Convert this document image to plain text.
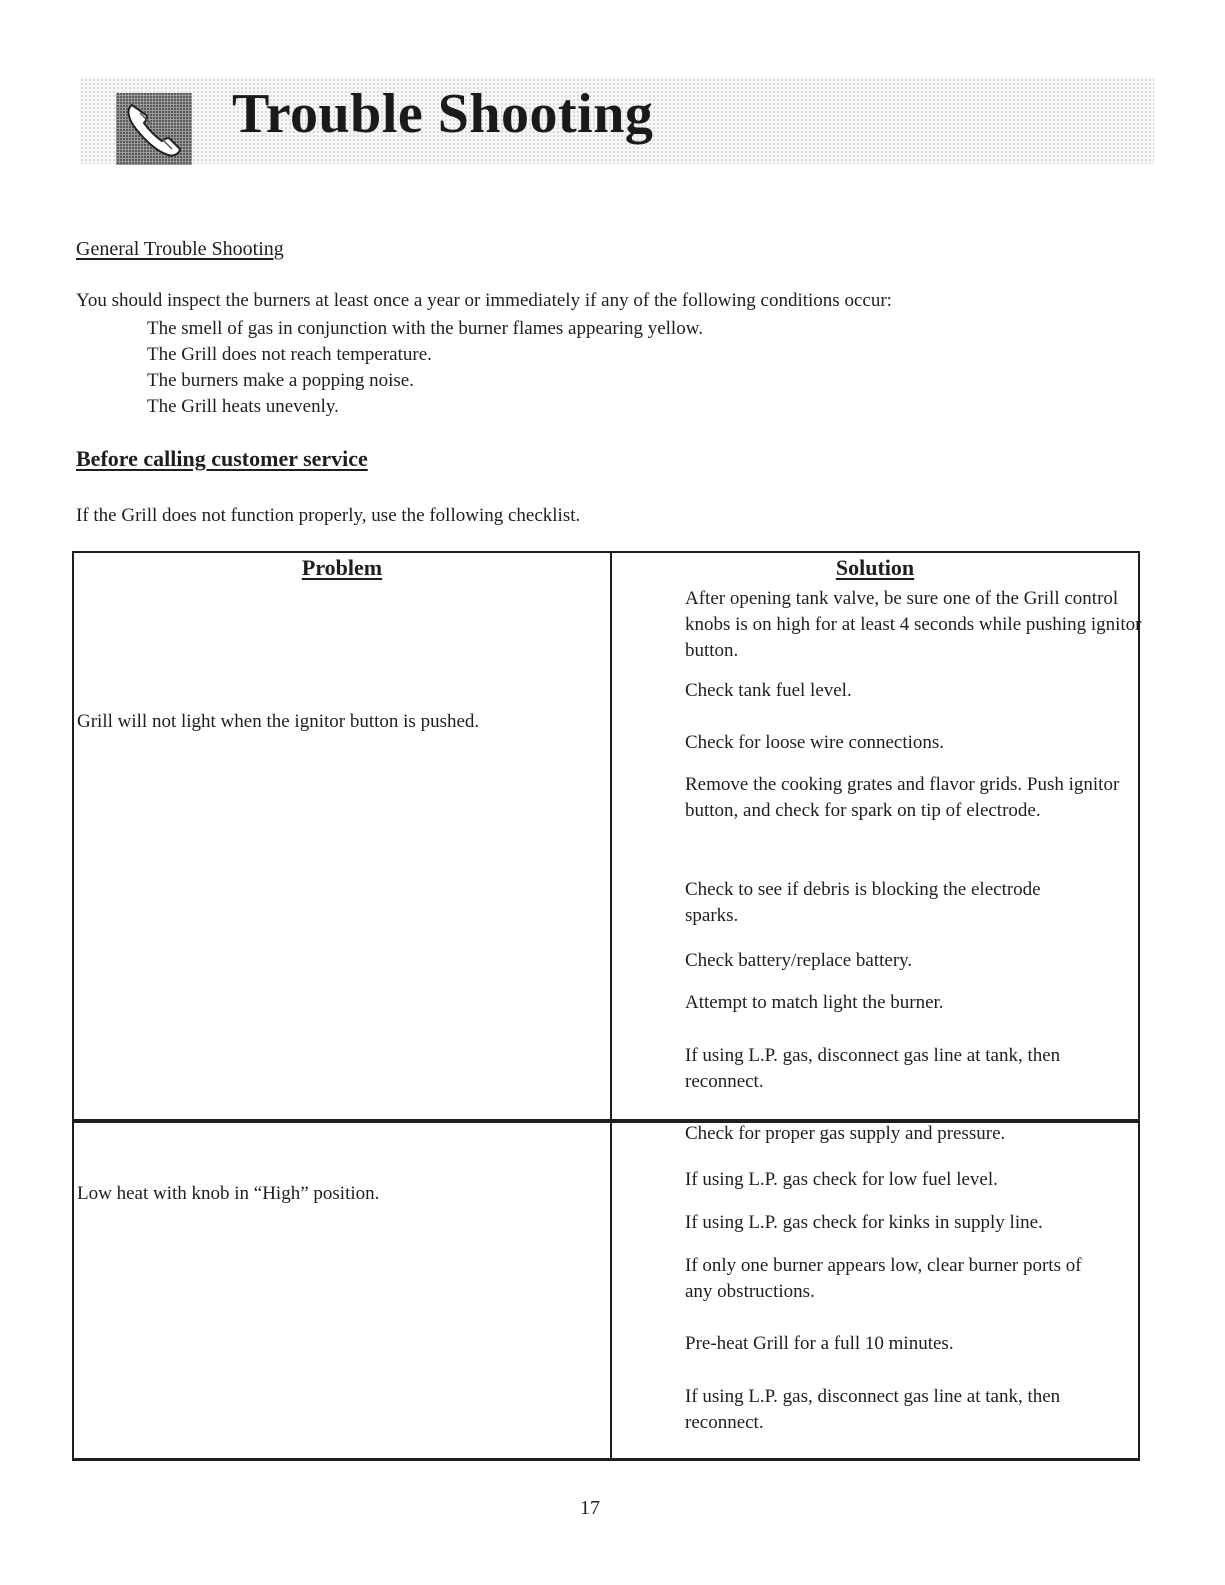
Trouble Shooting
General Trouble Shooting
You should inspect the burners at least once a year or immediately if any of the following conditions occur:
The smell of gas in conjunction with the burner flames appearing yellow.
The Grill does not reach temperature.
The burners make a popping noise.
The Grill heats unevenly.
Before calling customer service
If the Grill does not function properly, use the following checklist.
Problem	Solution
Grill will not light when the ignitor button is pushed.
After opening tank valve, be sure one of the Grill control knobs is on high for at least 4 seconds while pushing ignitor button.
Check tank fuel level.
Check for loose wire connections.
Remove the cooking grates and flavor grids. Push ignitor button, and check for spark on tip of electrode.
Check to see if debris is blocking the electrode sparks.
Check battery/replace battery.
Attempt to match light the burner.
If using L.P. gas, disconnect gas line at tank, then reconnect.
Low heat with knob in “High” position.
Check for proper gas supply and pressure.
If using L.P. gas check for low fuel level.
If using L.P. gas check for kinks in supply line.
If only one burner appears low, clear burner ports of any obstructions.
Pre-heat Grill for a full 10 minutes.
If using L.P. gas, disconnect gas line at tank, then reconnect.
17
